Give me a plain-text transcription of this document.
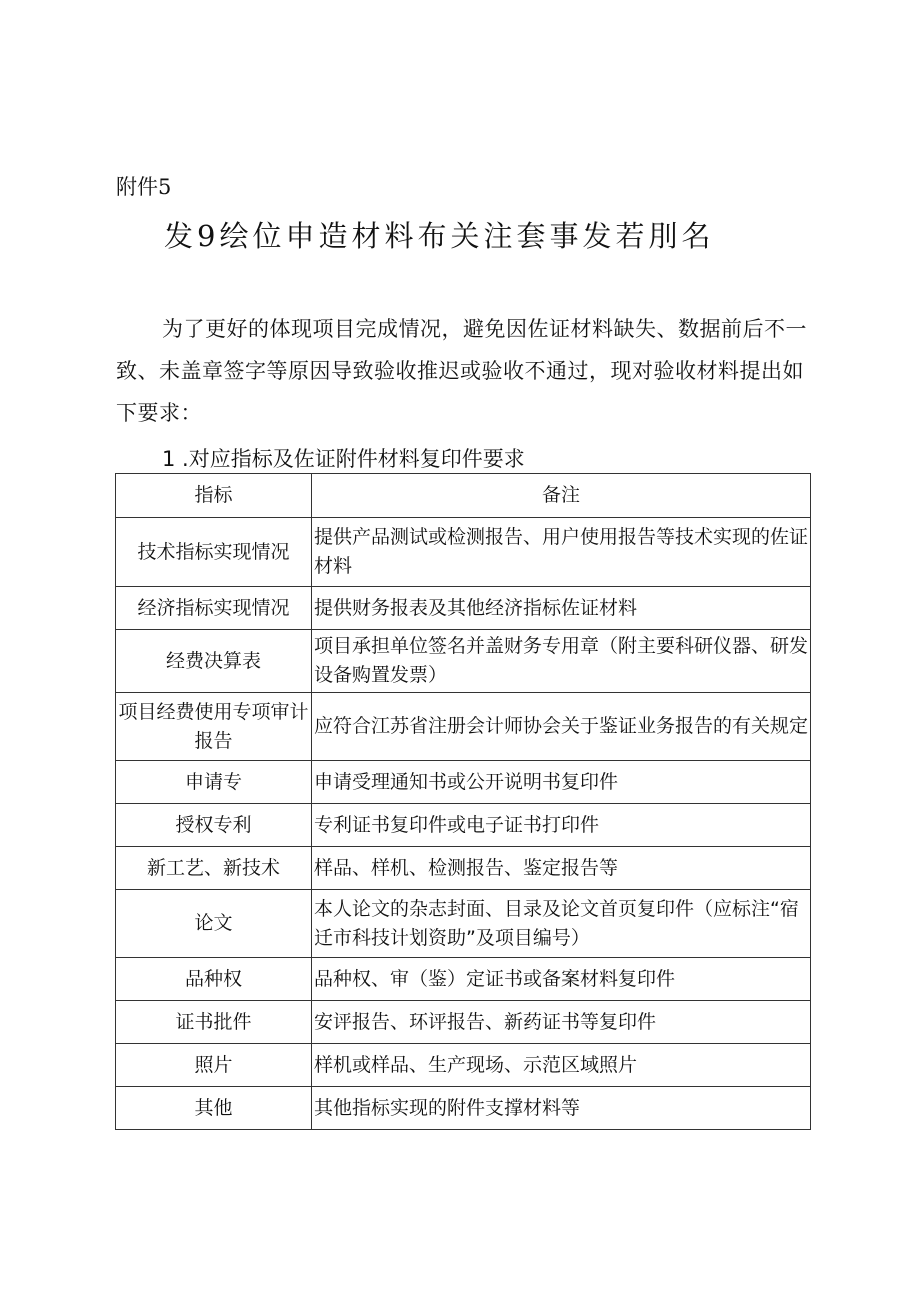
附件5
发9绘位申造材料布关注套事发若刖名

为了更好的体现项目完成情况，避免因佐证材料缺失、数据前后不一致、未盖章签字等原因导致验收推迟或验收不通过，现对验收材料提出如下要求：

1 .对应指标及佐证附件材料复印件要求
指标	备注
技术指标实现情况	提供产品测试或检测报告、用户使用报告等技术实现的佐证材料
经济指标实现情况	提供财务报表及其他经济指标佐证材料
经费决算表	项目承担单位签名并盖财务专用章（附主要科研仪器、研发设备购置发票）
项目经费使用专项审计报告	应符合江苏省注册会计师协会关于鉴证业务报告的有关规定
申请专	申请受理通知书或公开说明书复印件
授权专利	专利证书复印件或电子证书打印件
新工艺、新技术	样品、样机、检测报告、鉴定报告等
论文	本人论文的杂志封面、目录及论文首页复印件（应标注“宿迁市科技计划资助”及项目编号）
品种权	品种权、审（鉴）定证书或备案材料复印件
证书批件	安评报告、环评报告、新药证书等复印件
照片	样机或样品、生产现场、示范区域照片
其他	其他指标实现的附件支撑材料等
